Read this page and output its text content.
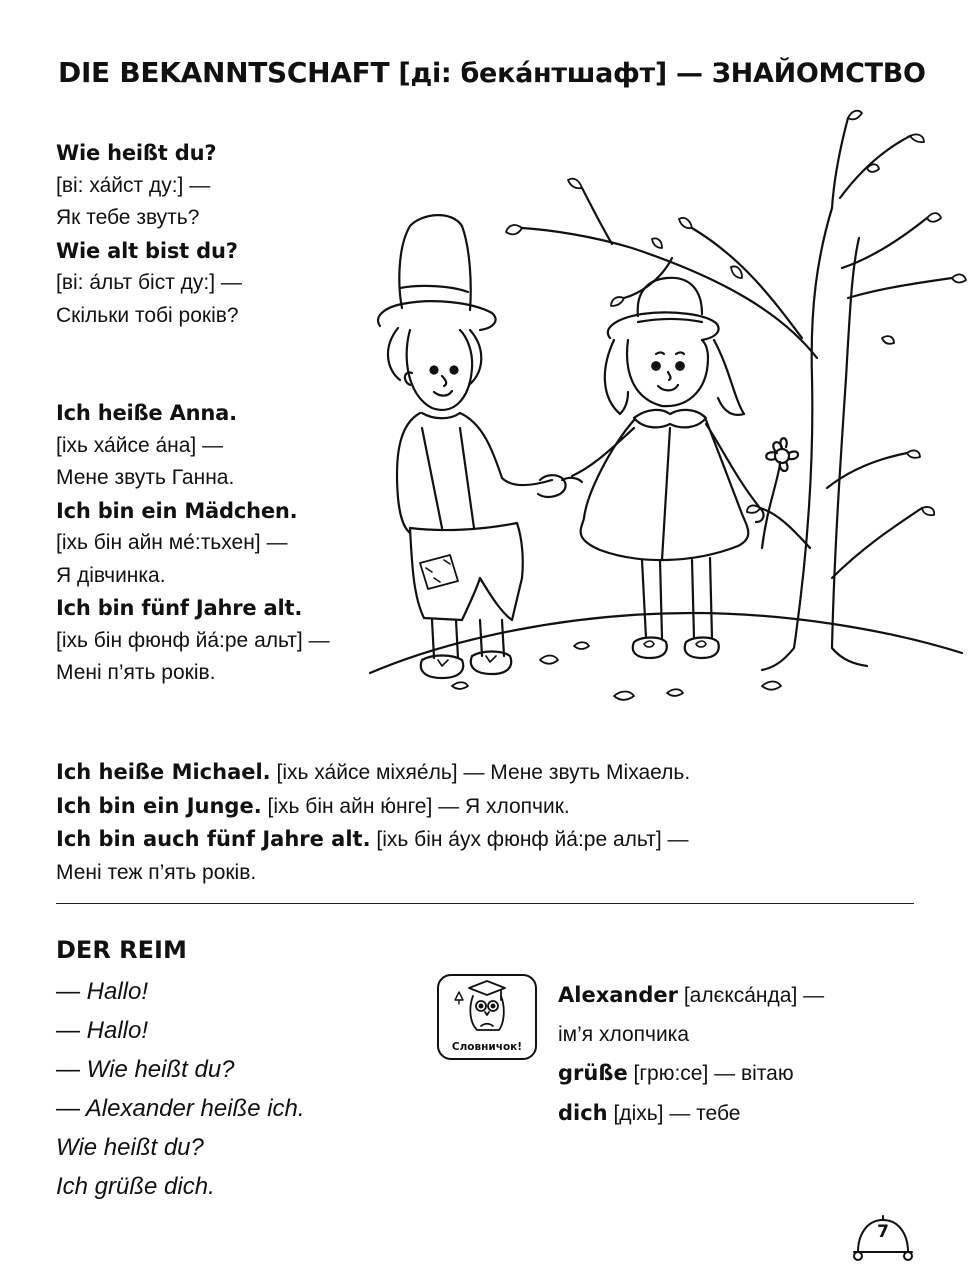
DIE BEKANNTSCHAFT [ді: бека́нтшафт] — ЗНАЙОМСТВО
Wie heißt du?
[ві: ха́йст ду:] —
Як тебе звуть?
Wie alt bist du?
[ві: а́льт біст ду:] —
Скільки тобі років?
Ich heiße Anna.
[іхь ха́йсе а́на] —
Мене звуть Ганна.
Ich bin ein Mädchen.
[іхь бін айн ме́:тьхен] —
Я дівчинка.
Ich bin fünf Jahre alt.
[іхь бін фюнф йа́:ре альт] —
Мені п’ять років.
Ich heiße Michael. [іхь ха́йсе міхяе́ль] — Мене звуть Міхаель.
Ich bin ein Junge. [іхь бін айн ю́нге] — Я хлопчик.
Ich bin auch fünf Jahre alt. [іхь бін а́ух фюнф йа́:ре альт] —
Мені теж п’ять років.
DER REIM
— Hallo!
— Hallo!
— Wie heißt du?
— Alexander heiße ich.
Wie heißt du?
Ich grüße dich.
Словничок!
Alexander [алєкса́нда] —
ім’я хлопчика
grüße [грю:се] — вітаю
dich [діхь] — тебе
7
